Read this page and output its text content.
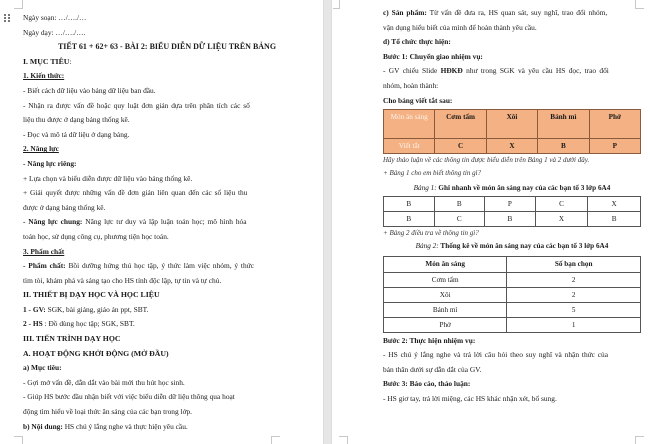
Ngày soạn: …/…./…
Ngày dạy: …/…./….
TIẾT 61 + 62+ 63 - BÀI 2: BIỂU DIỄN DỮ LIỆU TRÊN BẢNG
I. MỤC TIÊU:
1. Kiến thức:
- Biết cách dữ liệu vào bảng dữ liệu ban đầu.
- Nhận ra được vấn đề hoặc quy luật đơn giản dựa trên phân tích các số
liệu thu được ở dạng bảng thống kê.
- Đọc và mô tả dữ liệu ở dạng bảng.
2. Năng lực
- Năng lực riêng:
+ Lựa chọn và biểu diễn được dữ liệu vào bảng thống kê.
+ Giải quyết được những vấn đề đơn giản liên quan đến các số liệu thu
được ở dạng bảng thống kê.
- Năng lực chung: Năng lực tư duy và lập luận toán học; mô hình hóa
toán học, sử dụng công cụ, phương tiện học toán.
3. Phẩm chất
- Phẩm chất: Bồi dưỡng hứng thú học tập, ý thức làm việc nhóm, ý thức
tìm tòi, khám phá và sáng tạo cho HS tính độc lập, tự tin và tự chủ.
II. THIẾT BỊ DẠY HỌC VÀ HỌC LIỆU
1 - GV: SGK, bài giảng, giáo án ppt, SBT.
2 - HS : Đồ dùng học tập; SGK, SBT.
III. TIẾN TRÌNH DẠY HỌC
A. HOẠT ĐỘNG KHỞI ĐỘNG (MỞ ĐẦU)
a) Mục tiêu:
- Gợi mở vấn đề, dẫn dắt vào bài mới thu hút học sinh.
- Giúp HS bước đầu nhận biết với việc biểu diễn dữ liệu thông qua hoạt
động tìm hiểu về loại thức ăn sáng của các bạn trong lớp.
b) Nội dung: HS chú ý lắng nghe và thực hiện yêu cầu.
c) Sản phẩm: Từ vấn đề đưa ra, HS quan sát, suy nghĩ, trao đổi nhóm,
vận dụng hiểu biết của mình để hoàn thành yêu cầu.
d) Tổ chức thực hiện:
Bước 1: Chuyển giao nhiệm vụ:
- GV chiếu Slide HĐKĐ như trong SGK và yêu cầu HS đọc, trao đổi
nhóm, hoàn thành:
Cho bảng viết tắt sau:
Món ăn sáng	Cơm tấm	Xôi	Bánh mì	Phở
Viết tắt	C	X	B	P
Hãy thảo luận về các thông tin được biểu diễn trên Bảng 1 và 2 dưới đây.
+ Bảng 1 cho em biết thông tin gì?
Bảng 1: Ghi nhanh về món ăn sáng nay của các bạn tổ 3 lớp 6A4
B	B	P	C	X
B	C	B	X	B
+ Bảng 2 điều tra về thông tin gì?
Bảng 2: Thống kê về món ăn sáng nay của các bạn tổ 3 lớp 6A4
Món ăn sáng	Số bạn chọn
Cơm tấm	2
Xôi	2
Bánh mì	5
Phở	1
Bước 2: Thực hiện nhiệm vụ:
- HS chú ý lắng nghe và trả lời câu hỏi theo suy nghĩ và nhận thức của
bản thân dưới sự dẫn dắt của GV.
Bước 3: Báo cáo, thảo luận:
- HS giơ tay, trả lời miệng, các HS khác nhận xét, bổ sung.
